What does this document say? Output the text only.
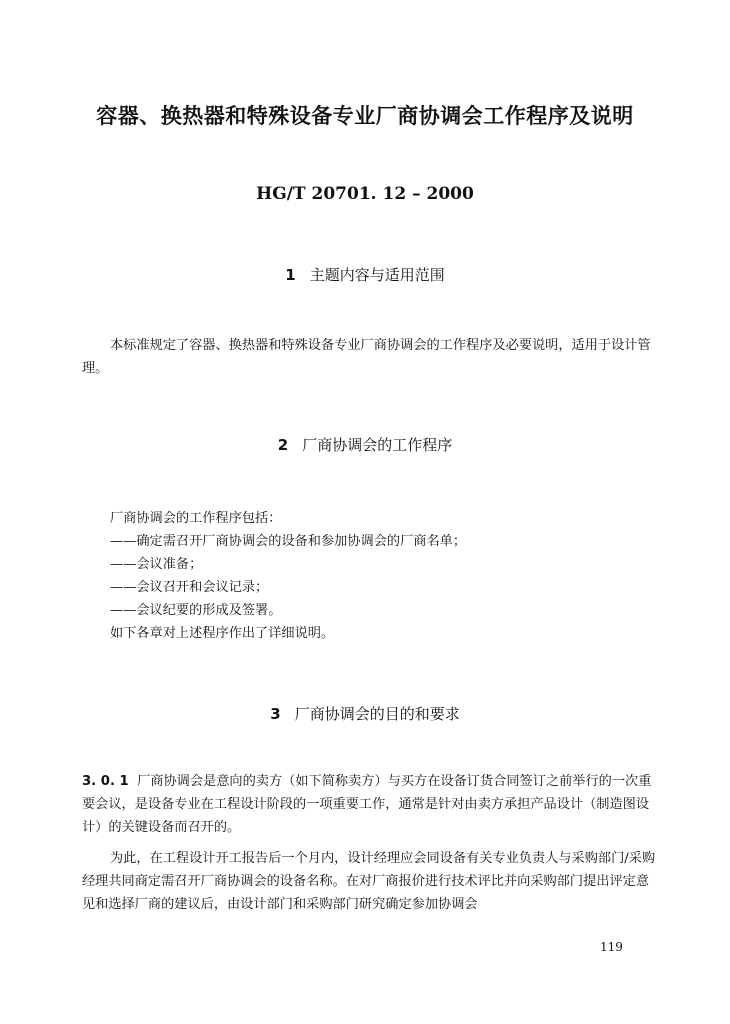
容器、换热器和特殊设备专业厂商协调会工作程序及说明
HG/T 20701. 12 – 2000
1 主题内容与适用范围
本标准规定了容器、换热器和特殊设备专业厂商协调会的工作程序及必要说明，适用于设计管理。
2 厂商协调会的工作程序
厂商协调会的工作程序包括：
——确定需召开厂商协调会的设备和参加协调会的厂商名单；
——会议准备；
——会议召开和会议记录；
——会议纪要的形成及签署。
如下各章对上述程序作出了详细说明。
3 厂商协调会的目的和要求
3. 0. 1 厂商协调会是意向的卖方（如下简称卖方）与买方在设备订货合同签订之前举行的一次重要会议，是设备专业在工程设计阶段的一项重要工作，通常是针对由卖方承担产品设计（制造图设计）的关键设备而召开的。
为此，在工程设计开工报告后一个月内，设计经理应会同设备有关专业负责人与采购部门/采购经理共同商定需召开厂商协调会的设备名称。在对厂商报价进行技术评比并向采购部门提出评定意见和选择厂商的建议后，由设计部门和采购部门研究确定参加协调会
119
